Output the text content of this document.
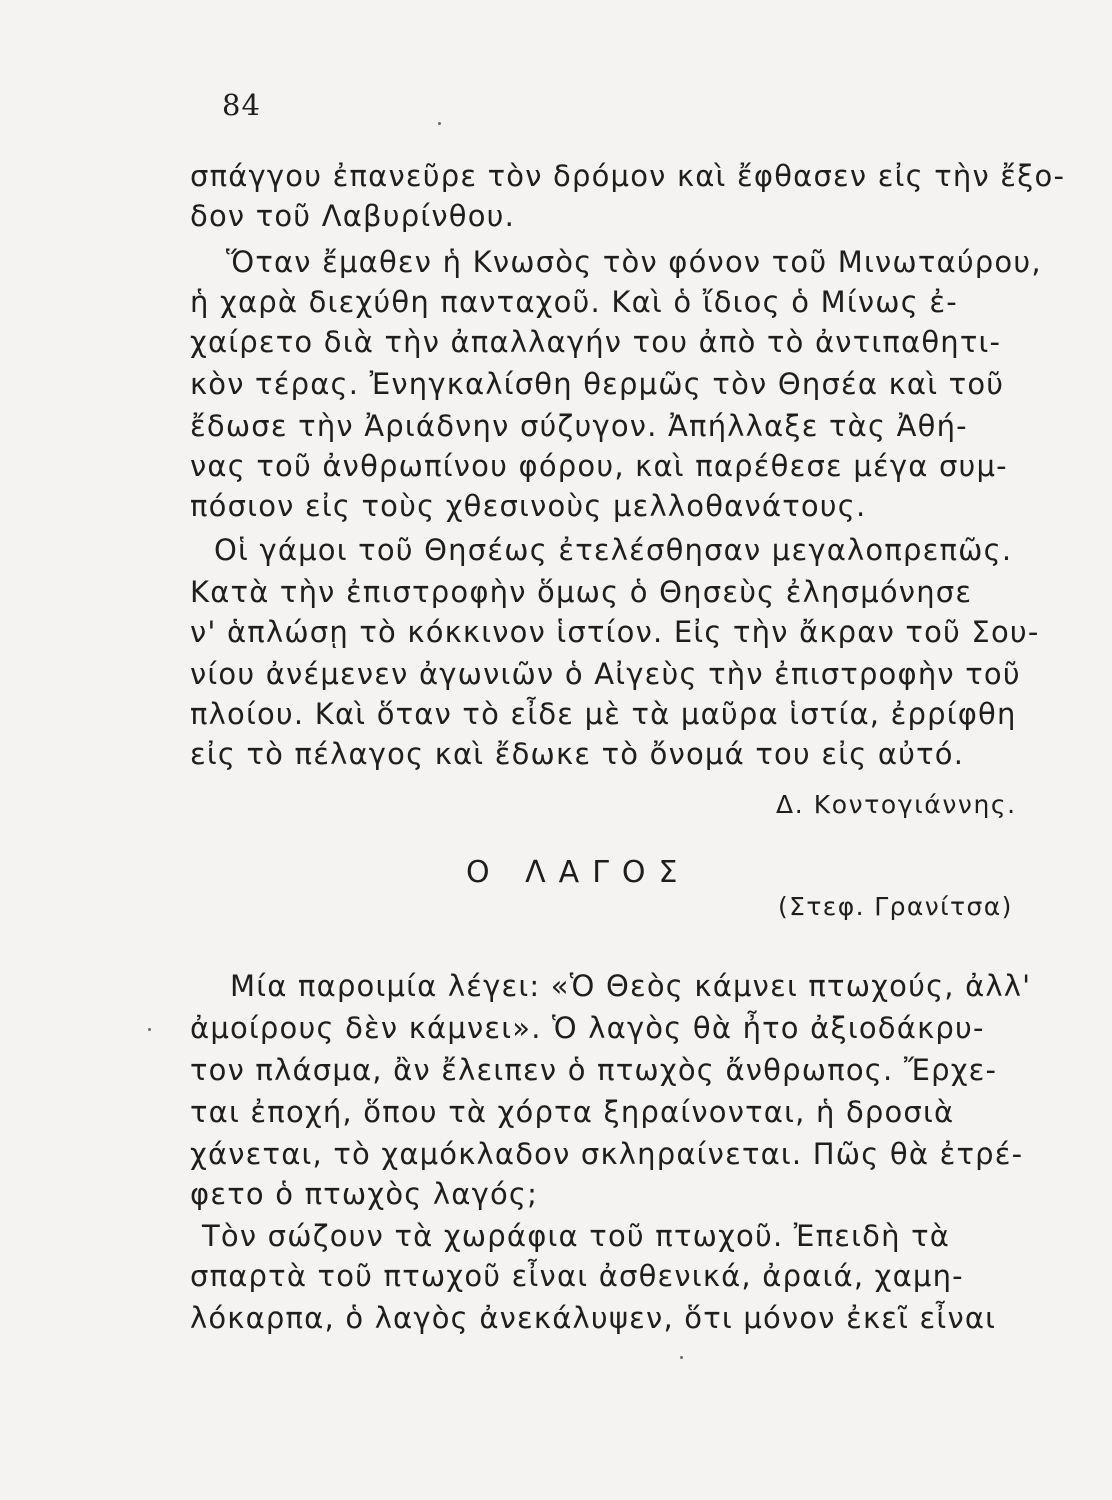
84
σπάγγου ἐπανεῦρε τὸν δρόμον καὶ ἔφθασεν εἰς τὴν ἔξο-
δον τοῦ Λαβυρίνθου.
Ὅταν ἔμαθεν ἡ Κνωσὸς τὸν φόνον τοῦ Μινωταύρου,
ἡ χαρὰ διεχύθη πανταχοῦ. Καὶ ὁ ἴδιος ὁ Μίνως ἐ-
χαίρετο διὰ τὴν ἀπαλλαγήν του ἀπὸ τὸ ἀντιπαθητι-
κὸν τέρας. Ἐνηγκαλίσθη θερμῶς τὸν Θησέα καὶ τοῦ
ἔδωσε τὴν Ἀριάδνην σύζυγον. Ἀπήλλαξε τὰς Ἀθή-
νας τοῦ ἀνθρωπίνου φόρου, καὶ παρέθεσε μέγα συμ-
πόσιον εἰς τοὺς χθεσινοὺς μελλοθανάτους.
Οἱ γάμοι τοῦ Θησέως ἐτελέσθησαν μεγαλοπρεπῶς.
Κατὰ τὴν ἐπιστροφὴν ὅμως ὁ Θησεὺς ἐλησμόνησε
ν' ἁπλώσῃ τὸ κόκκινον ἱστίον. Εἰς τὴν ἄκραν τοῦ Σου-
νίου ἀνέμενεν ἀγωνιῶν ὁ Αἰγεὺς τὴν ἐπιστροφὴν τοῦ
πλοίου. Καὶ ὅταν τὸ εἶδε μὲ τὰ μαῦρα ἱστία, ἐρρίφθη
εἰς τὸ πέλαγος καὶ ἔδωκε τὸ ὄνομά του εἰς αὐτό.
Δ. Κοντογιάννης.
Ο ΛΑΓΟΣ
(Στεφ. Γρανίτσα)
Μία παροιμία λέγει: «Ὁ Θεὸς κάμνει πτωχούς, ἀλλ'
ἀμοίρους δὲν κάμνει». Ὁ λαγὸς θὰ ἦτο ἀξιοδάκρυ-
τον πλάσμα, ἂν ἔλειπεν ὁ πτωχὸς ἄνθρωπος. Ἔρχε-
ται ἐποχή, ὅπου τὰ χόρτα ξηραίνονται, ἡ δροσιὰ
χάνεται, τὸ χαμόκλαδον σκληραίνεται. Πῶς θὰ ἐτρέ-
φετο ὁ πτωχὸς λαγός;
Τὸν σώζουν τὰ χωράφια τοῦ πτωχοῦ. Ἐπειδὴ τὰ
σπαρτὰ τοῦ πτωχοῦ εἶναι ἀσθενικά, ἀραιά, χαμη-
λόκαρπα, ὁ λαγὸς ἀνεκάλυψεν, ὅτι μόνον ἐκεῖ εἶναι
